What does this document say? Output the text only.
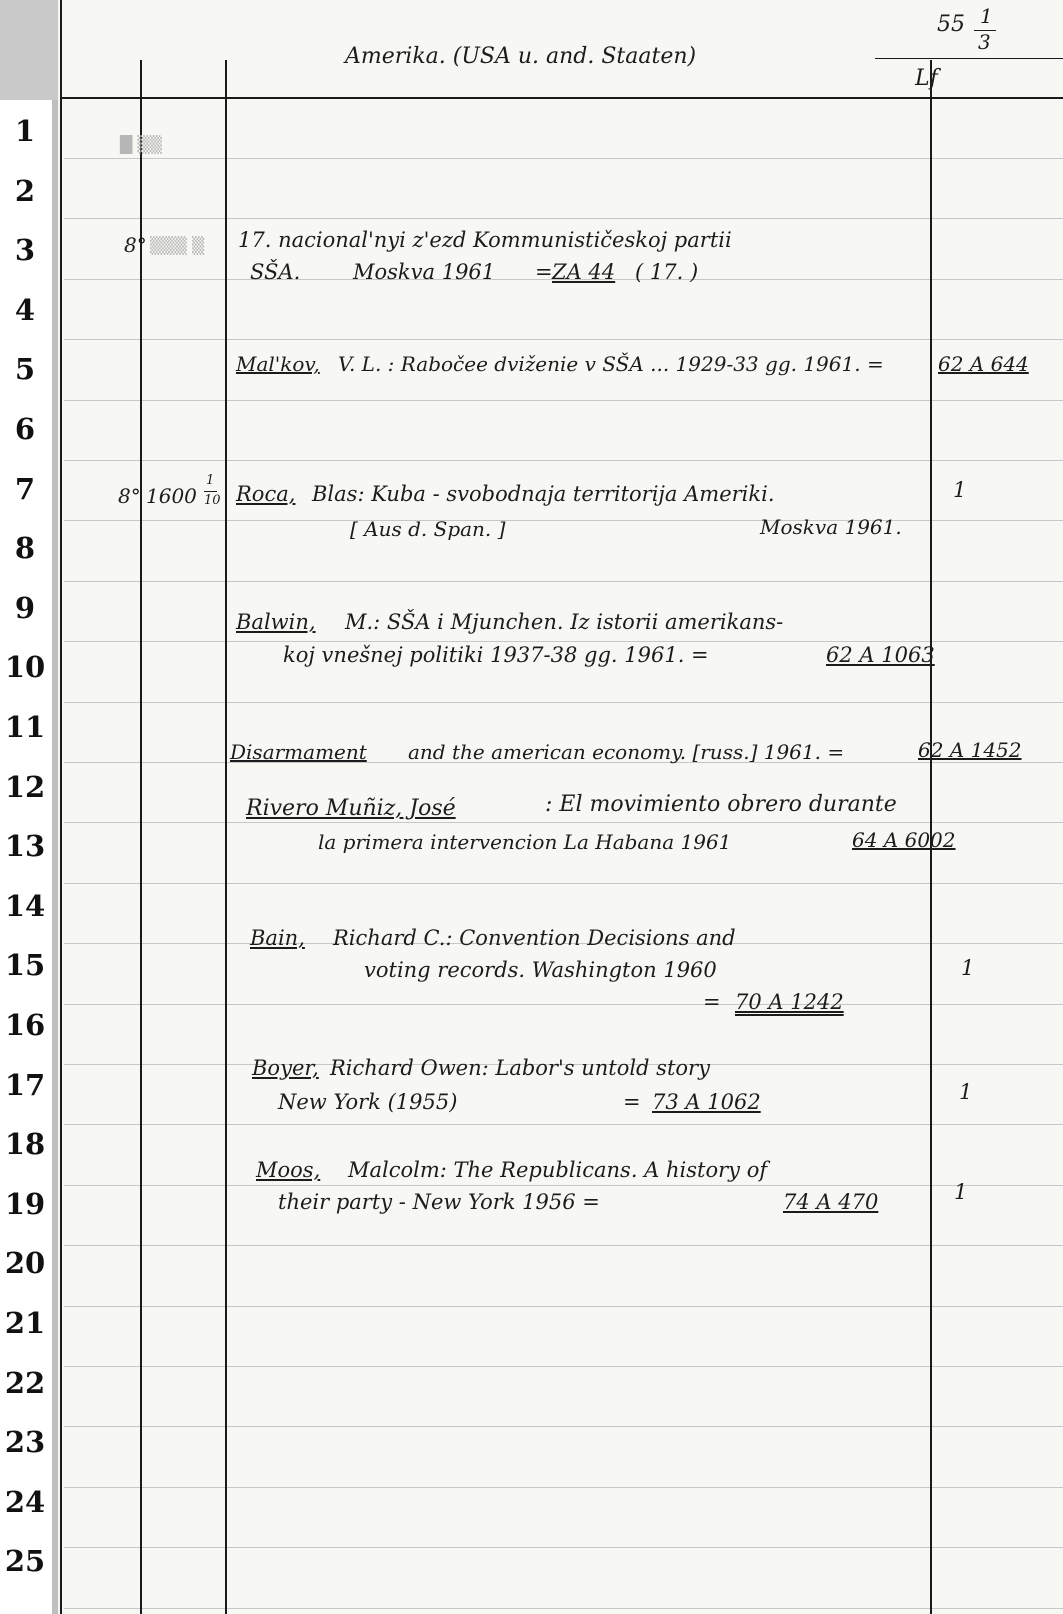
1
2
3
4
5
6
7
8
9
10
11
12
13
14
15
16
17
18
19
20
21
22
23
24
25
Amerika. (USA u. and. Staaten)
55 1
3
Lf
█ ▒▒
8° ▒▒▒ ▒ 17. nacional'nyi z'ezd Kommunističeskoj partii
SŠA.	Moskva 1961 = ZA 44 ( 17. )
Mal'kov, V. L. : Rabočee dviženie v SŠA ... 1929-33 gg. 1961. =	62 A 644
8° 1600
1
10 Roca, Blas: Kuba - svobodnaja territorija Ameriki.	1
[ Aus d. Span. ]	Moskva 1961.
Balwin, M.: SŠA i Mjunchen. Iz istorii amerikans-
koj vnešnej politiki 1937-38 gg. 1961. =	62 A 1063
Disarmament and the american economy. [russ.] 1961. =	62 A 1452
Rivero Muñiz, José	: El movimiento obrero durante
la primera intervencion La Habana 1961	64 A 6002
Bain, Richard C.: Convention Decisions and
voting records. Washington 1960
= 70 A 1242
1
Boyer, Richard Owen: Labor's untold story
New York (1955)	= 73 A 1062	1
Moos, Malcolm: The Republicans. A history of
their party - New York 1956 =	74 A 470	1
